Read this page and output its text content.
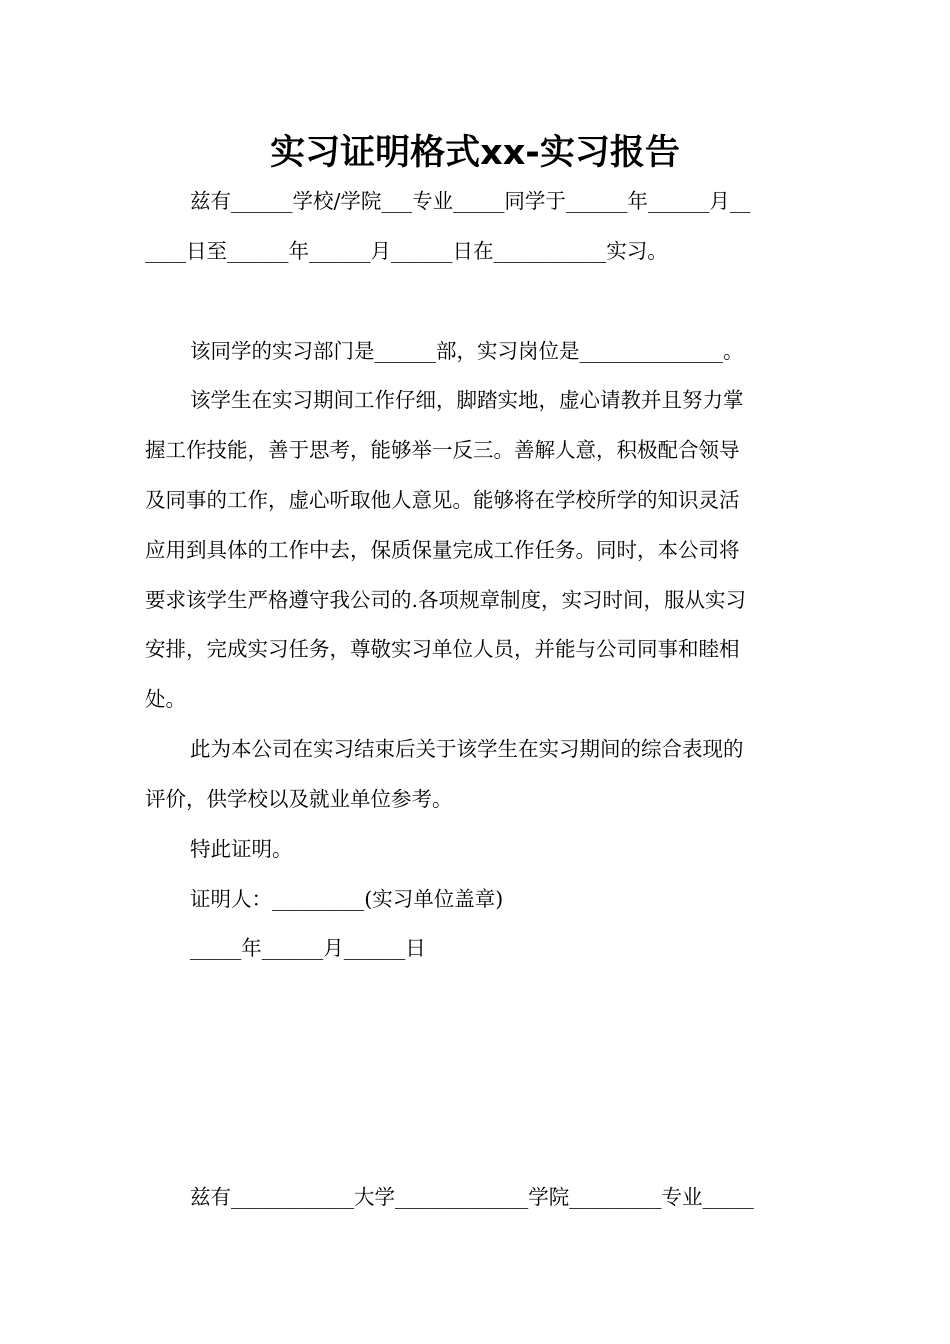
实习证明格式xx-实习报告
兹有______学校/学院___专业_____同学于______年______月__
____日至______年______月______日在___________实习。
该同学的实习部门是______部，实习岗位是______________。
该学生在实习期间工作仔细，脚踏实地，虚心请教并且努力掌
握工作技能，善于思考，能够举一反三。善解人意，积极配合领导
及同事的工作，虚心听取他人意见。能够将在学校所学的知识灵活
应用到具体的工作中去，保质保量完成工作任务。同时，本公司将
要求该学生严格遵守我公司的.各项规章制度，实习时间，服从实习
安排，完成实习任务，尊敬实习单位人员，并能与公司同事和睦相
处。
此为本公司在实习结束后关于该学生在实习期间的综合表现的
评价，供学校以及就业单位参考。
特此证明。
证明人：_________(实习单位盖章)
_____年______月______日
兹有____________大学_____________学院_________专业_____
